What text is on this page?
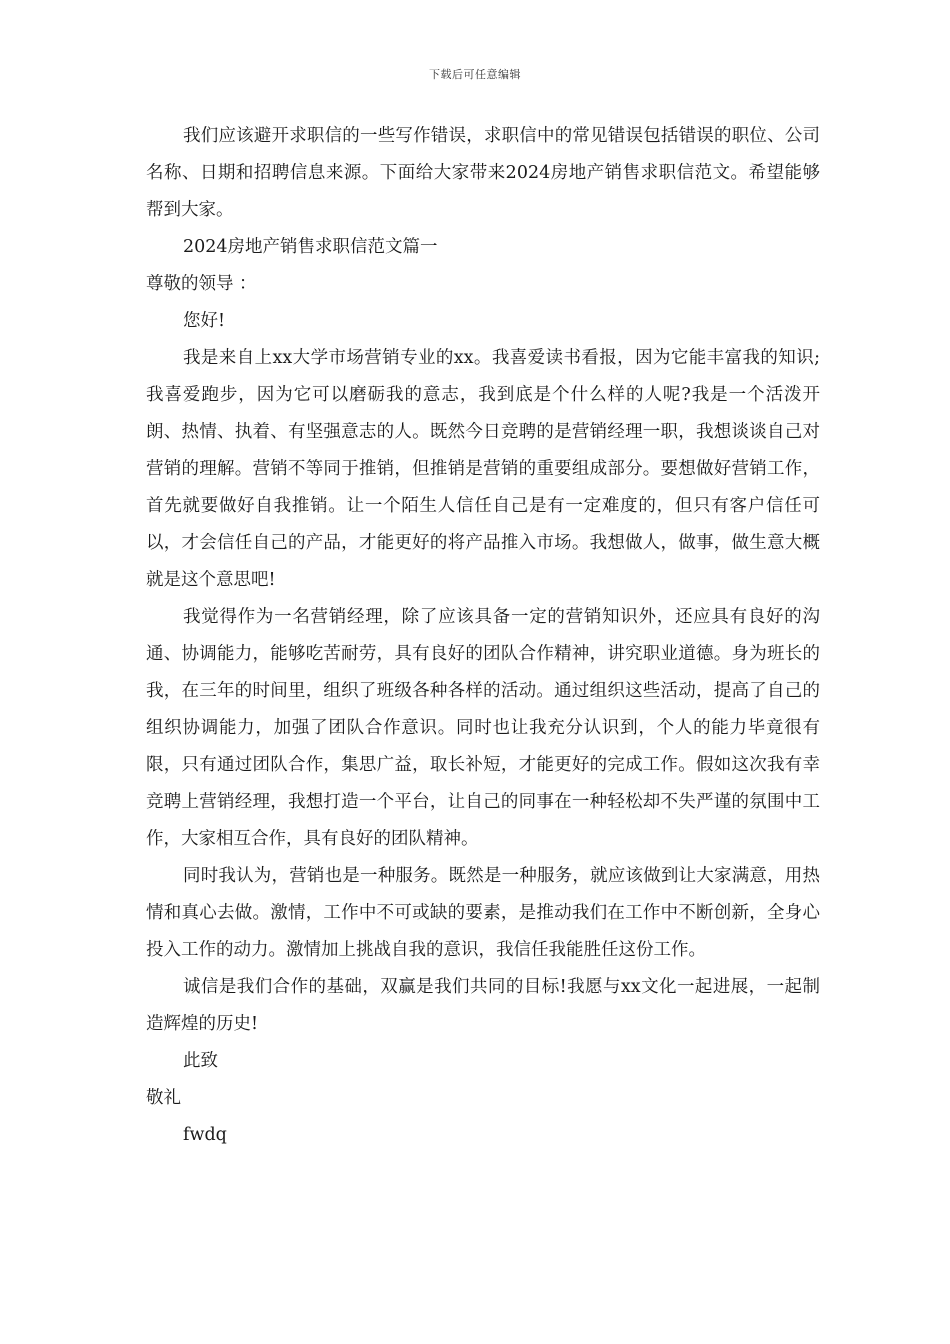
下载后可任意编辑

我们应该避开求职信的一些写作错误，求职信中的常见错误包括错误的职位、公司名称、日期和招聘信息来源。下面给大家带来2024房地产销售求职信范文。希望能够帮到大家。

2024房地产销售求职信范文篇一

尊敬的领导 ：

您好!

我是来自上xx大学市场营销专业的xx。我喜爱读书看报，因为它能丰富我的知识;我喜爱跑步，因为它可以磨砺我的意志，我到底是个什么样的人呢?我是一个活泼开朗、热情、执着、有坚强意志的人。既然今日竞聘的是营销经理一职，我想谈谈自己对营销的理解。营销不等同于推销，但推销是营销的重要组成部分。要想做好营销工作，首先就要做好自我推销。让一个陌生人信任自己是有一定难度的，但只有客户信任可以，才会信任自己的产品，才能更好的将产品推入市场。我想做人，做事，做生意大概就是这个意思吧!

我觉得作为一名营销经理，除了应该具备一定的营销知识外，还应具有良好的沟通、协调能力，能够吃苦耐劳，具有良好的团队合作精神，讲究职业道德。身为班长的我，在三年的时间里，组织了班级各种各样的活动。通过组织这些活动，提高了自己的组织协调能力，加强了团队合作意识。同时也让我充分认识到，个人的能力毕竟很有限，只有通过团队合作，集思广益，取长补短，才能更好的完成工作。假如这次我有幸竞聘上营销经理，我想打造一个平台，让自己的同事在一种轻松却不失严谨的氛围中工作，大家相互合作，具有良好的团队精神。

同时我认为，营销也是一种服务。既然是一种服务，就应该做到让大家满意，用热情和真心去做。激情，工作中不可或缺的要素，是推动我们在工作中不断创新，全身心投入工作的动力。激情加上挑战自我的意识，我信任我能胜任这份工作。

诚信是我们合作的基础，双赢是我们共同的目标!我愿与xx文化一起进展，一起制造辉煌的历史!

此致

敬礼

fwdq
